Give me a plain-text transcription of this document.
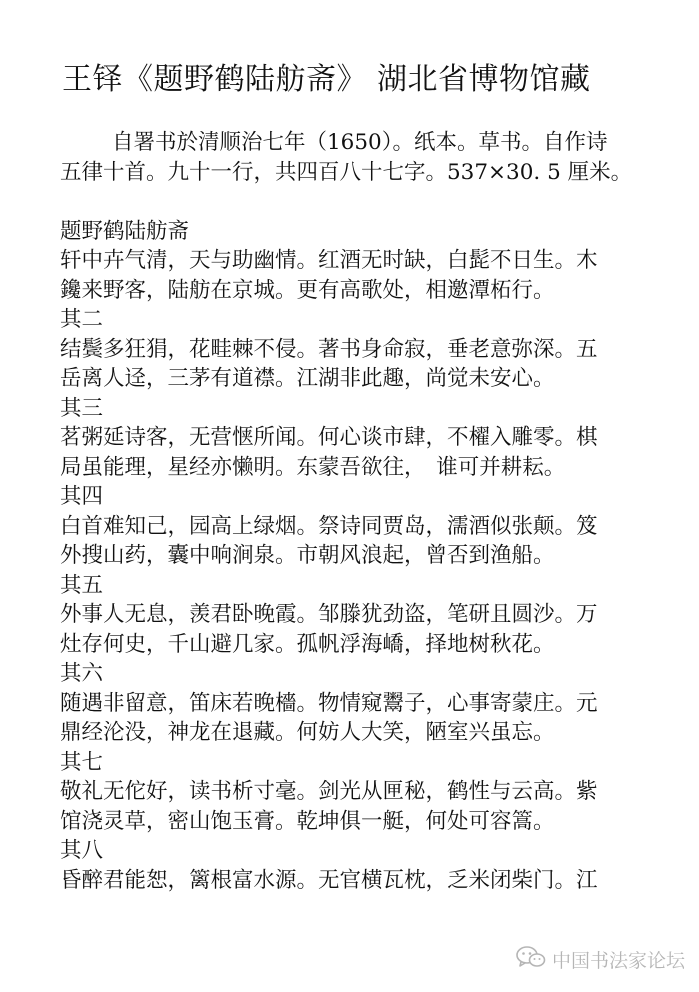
王铎《题野鹤陆舫斋》 湖北省博物馆藏
自署书於清顺治七年（1650）。纸本。草书。自作诗
五律十首。九十一行，共四百八十七字。537×30. 5 厘米。
题野鹤陆舫斋
轩中卉气清，天与助幽情。红酒无时缺，白髭不日生。木
鑱来野客，陆舫在京城。更有高歌处，相邀潭柘行。
其二
结鬓多狂狷，花畦棘不侵。著书身命寂，垂老意弥深。五
岳离人迳，三茅有道襟。江湖非此趣，尚觉未安心。
其三
茗粥延诗客，无营惬所闻。何心谈市肆，不櫂入雕零。棋
局虽能理，星经亦懒明。东蒙吾欲往，　谁可并耕耘。
其四
白首难知己，园高上绿烟。祭诗同贾岛，濡酒似张颠。笈
外搜山药，囊中响涧泉。市朝风浪起，曾否到渔船。
其五
外事人无息，羡君卧晚霞。邹滕犹劲盗，笔研且圆沙。万
灶存何史，千山避几家。孤帆浮海嶠，择地树秋花。
其六
随遇非留意，笛床若晚檣。物情窥鬻子，心事寄蒙庄。元
鼎经沦没，神龙在退藏。何妨人大笑，陋室兴虽忘。
其七
敬礼无佗好，读书析寸毫。剑光从匣秘，鹤性与云高。紫
馆浇灵草，密山饱玉膏。乾坤俱一艇，何处可容篙。
其八
昏醉君能恕，篱根富水源。无官横瓦枕，乏米闭柴门。江
中国书法家论坛
